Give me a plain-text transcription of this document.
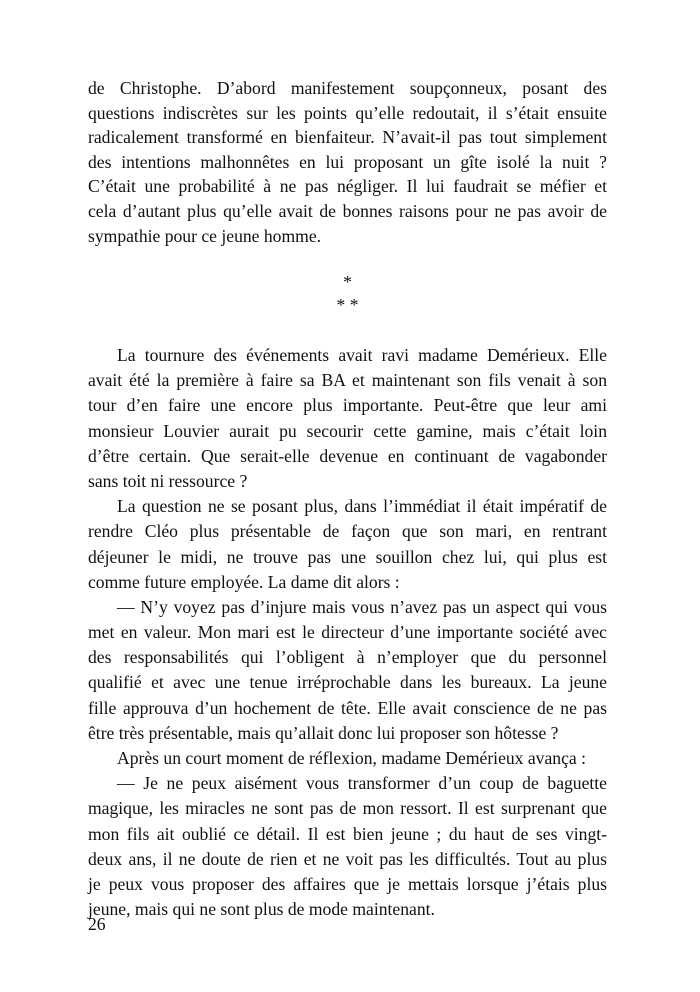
de Christophe. D’abord manifestement soupçonneux, posant des
questions indiscrètes sur les points qu’elle redoutait, il s’était ensuite
radicalement transformé en bienfaiteur. N’avait-il pas tout simplement
des intentions malhonnêtes en lui proposant un gîte isolé la nuit ?
C’était une probabilité à ne pas négliger. Il lui faudrait se méfier et
cela d’autant plus qu’elle avait de bonnes raisons pour ne pas avoir de
sympathie pour ce jeune homme.
*
* *
La tournure des événements avait ravi madame Demérieux. Elle
avait été la première à faire sa BA et maintenant son fils venait à son
tour d’en faire une encore plus importante. Peut-être que leur ami
monsieur Louvier aurait pu secourir cette gamine, mais c’était loin
d’être certain. Que serait-elle devenue en continuant de vagabonder
sans toit ni ressource ?
La question ne se posant plus, dans l’immédiat il était impératif de
rendre Cléo plus présentable de façon que son mari, en rentrant
déjeuner le midi, ne trouve pas une souillon chez lui, qui plus est
comme future employée. La dame dit alors :
— N’y voyez pas d’injure mais vous n’avez pas un aspect qui vous
met en valeur. Mon mari est le directeur d’une importante société avec
des responsabilités qui l’obligent à n’employer que du personnel
qualifié et avec une tenue irréprochable dans les bureaux. La jeune
fille approuva d’un hochement de tête. Elle avait conscience de ne pas
être très présentable, mais qu’allait donc lui proposer son hôtesse ?
Après un court moment de réflexion, madame Demérieux avança :
— Je ne peux aisément vous transformer d’un coup de baguette
magique, les miracles ne sont pas de mon ressort. Il est surprenant que
mon fils ait oublié ce détail. Il est bien jeune ; du haut de ses vingt-
deux ans, il ne doute de rien et ne voit pas les difficultés. Tout au plus
je peux vous proposer des affaires que je mettais lorsque j’étais plus
jeune, mais qui ne sont plus de mode maintenant.
26
